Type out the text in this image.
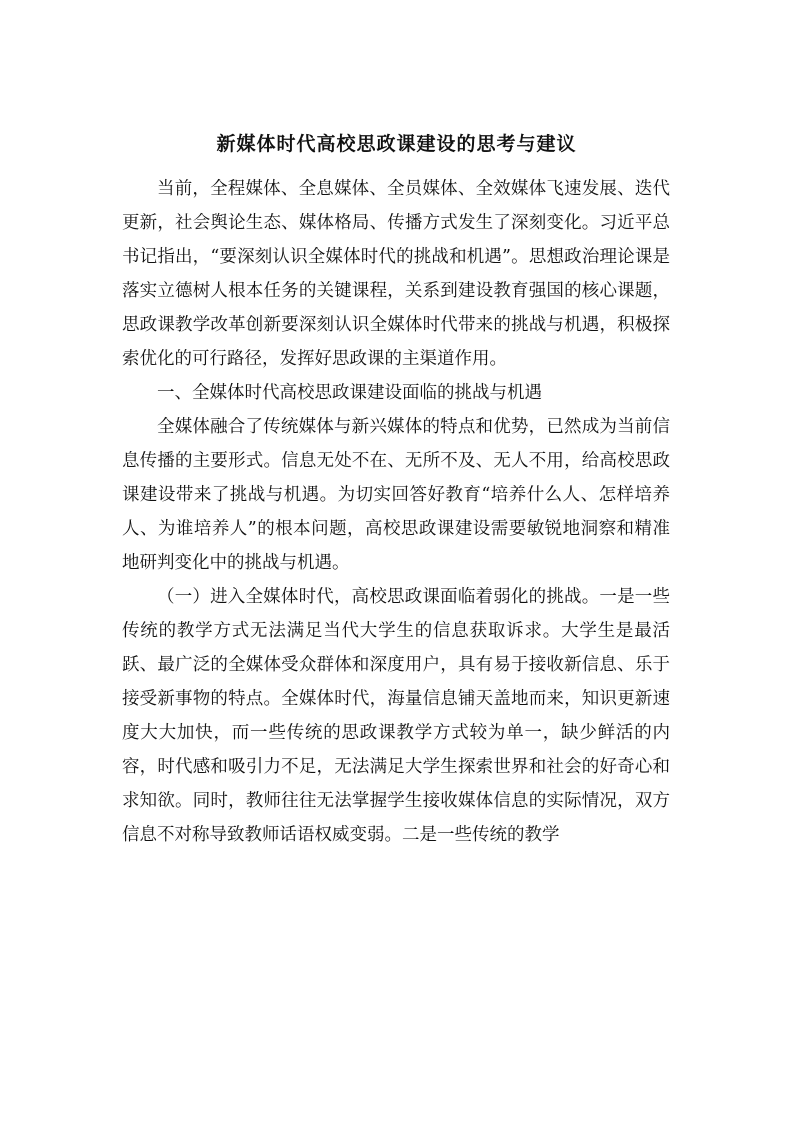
新媒体时代高校思政课建设的思考与建议

当前，全程媒体、全息媒体、全员媒体、全效媒体飞速发展、迭代更新，社会舆论生态、媒体格局、传播方式发生了深刻变化。习近平总书记指出，“要深刻认识全媒体时代的挑战和机遇”。思想政治理论课是落实立德树人根本任务的关键课程，关系到建设教育强国的核心课题，思政课教学改革创新要深刻认识全媒体时代带来的挑战与机遇，积极探索优化的可行路径，发挥好思政课的主渠道作用。

一、全媒体时代高校思政课建设面临的挑战与机遇

全媒体融合了传统媒体与新兴媒体的特点和优势，已然成为当前信息传播的主要形式。信息无处不在、无所不及、无人不用，给高校思政课建设带来了挑战与机遇。为切实回答好教育“培养什么人、怎样培养人、为谁培养人”的根本问题，高校思政课建设需要敏锐地洞察和精准地研判变化中的挑战与机遇。

（一）进入全媒体时代，高校思政课面临着弱化的挑战。一是一些传统的教学方式无法满足当代大学生的信息获取诉求。大学生是最活跃、最广泛的全媒体受众群体和深度用户，具有易于接收新信息、乐于接受新事物的特点。全媒体时代，海量信息铺天盖地而来，知识更新速度大大加快，而一些传统的思政课教学方式较为单一，缺少鲜活的内容，时代感和吸引力不足，无法满足大学生探索世界和社会的好奇心和求知欲。同时，教师往往无法掌握学生接收媒体信息的实际情况，双方信息不对称导致教师话语权威变弱。二是一些传统的教学
